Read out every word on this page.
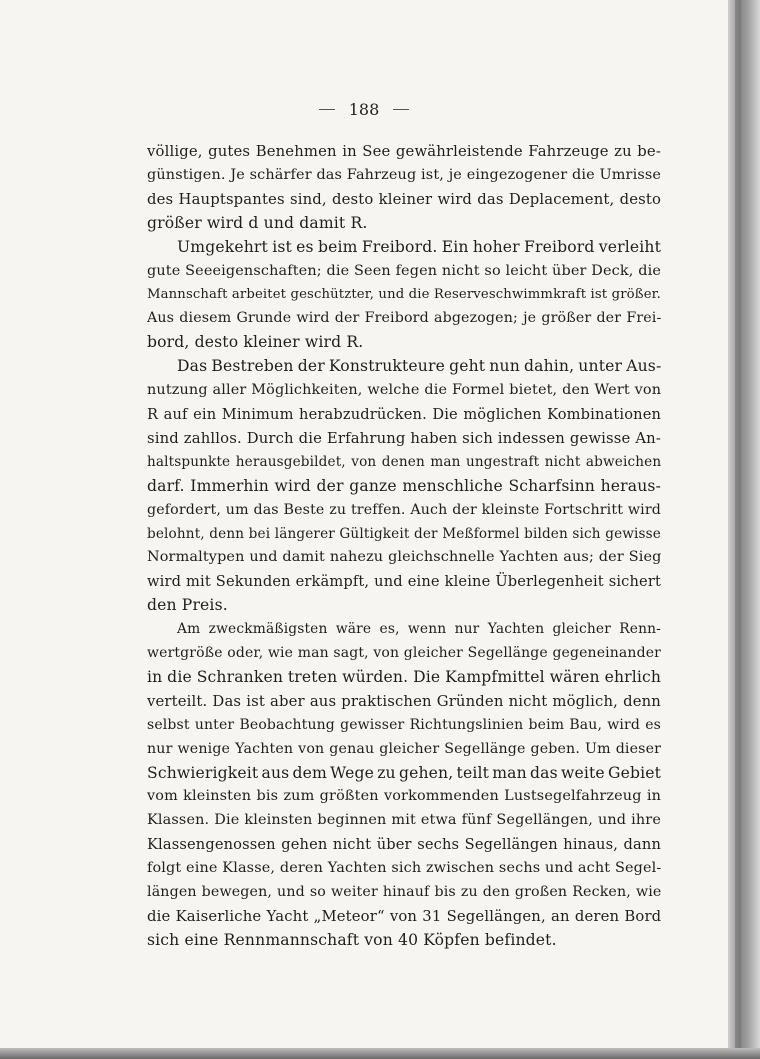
188
völlige, gutes Benehmen in See gewährleistende Fahrzeuge zu be-
günstigen. Je schärfer das Fahrzeug ist, je eingezogener die Umrisse
des Hauptspantes sind, desto kleiner wird das Deplacement, desto
größer wird d und damit R.
Umgekehrt ist es beim Freibord. Ein hoher Freibord verleiht
gute Seeeigenschaften; die Seen fegen nicht so leicht über Deck, die
Mannschaft arbeitet geschützter, und die Reserveschwimmkraft ist größer.
Aus diesem Grunde wird der Freibord abgezogen; je größer der Frei-
bord, desto kleiner wird R.
Das Bestreben der Konstrukteure geht nun dahin, unter Aus-
nutzung aller Möglichkeiten, welche die Formel bietet, den Wert von
R auf ein Minimum herabzudrücken. Die möglichen Kombinationen
sind zahllos. Durch die Erfahrung haben sich indessen gewisse An-
haltspunkte herausgebildet, von denen man ungestraft nicht abweichen
darf. Immerhin wird der ganze menschliche Scharfsinn heraus-
gefordert, um das Beste zu treffen. Auch der kleinste Fortschritt wird
belohnt, denn bei längerer Gültigkeit der Meßformel bilden sich gewisse
Normaltypen und damit nahezu gleichschnelle Yachten aus; der Sieg
wird mit Sekunden erkämpft, und eine kleine Überlegenheit sichert
den Preis.
Am zweckmäßigsten wäre es, wenn nur Yachten gleicher Renn-
wertgröße oder, wie man sagt, von gleicher Segellänge gegeneinander
in die Schranken treten würden. Die Kampfmittel wären ehrlich
verteilt. Das ist aber aus praktischen Gründen nicht möglich, denn
selbst unter Beobachtung gewisser Richtungslinien beim Bau, wird es
nur wenige Yachten von genau gleicher Segellänge geben. Um dieser
Schwierigkeit aus dem Wege zu gehen, teilt man das weite Gebiet
vom kleinsten bis zum größten vorkommenden Lustsegelfahrzeug in
Klassen. Die kleinsten beginnen mit etwa fünf Segellängen, und ihre
Klassengenossen gehen nicht über sechs Segellängen hinaus, dann
folgt eine Klasse, deren Yachten sich zwischen sechs und acht Segel-
längen bewegen, und so weiter hinauf bis zu den großen Recken, wie
die Kaiserliche Yacht „Meteor“ von 31 Segellängen, an deren Bord
sich eine Rennmannschaft von 40 Köpfen befindet.
